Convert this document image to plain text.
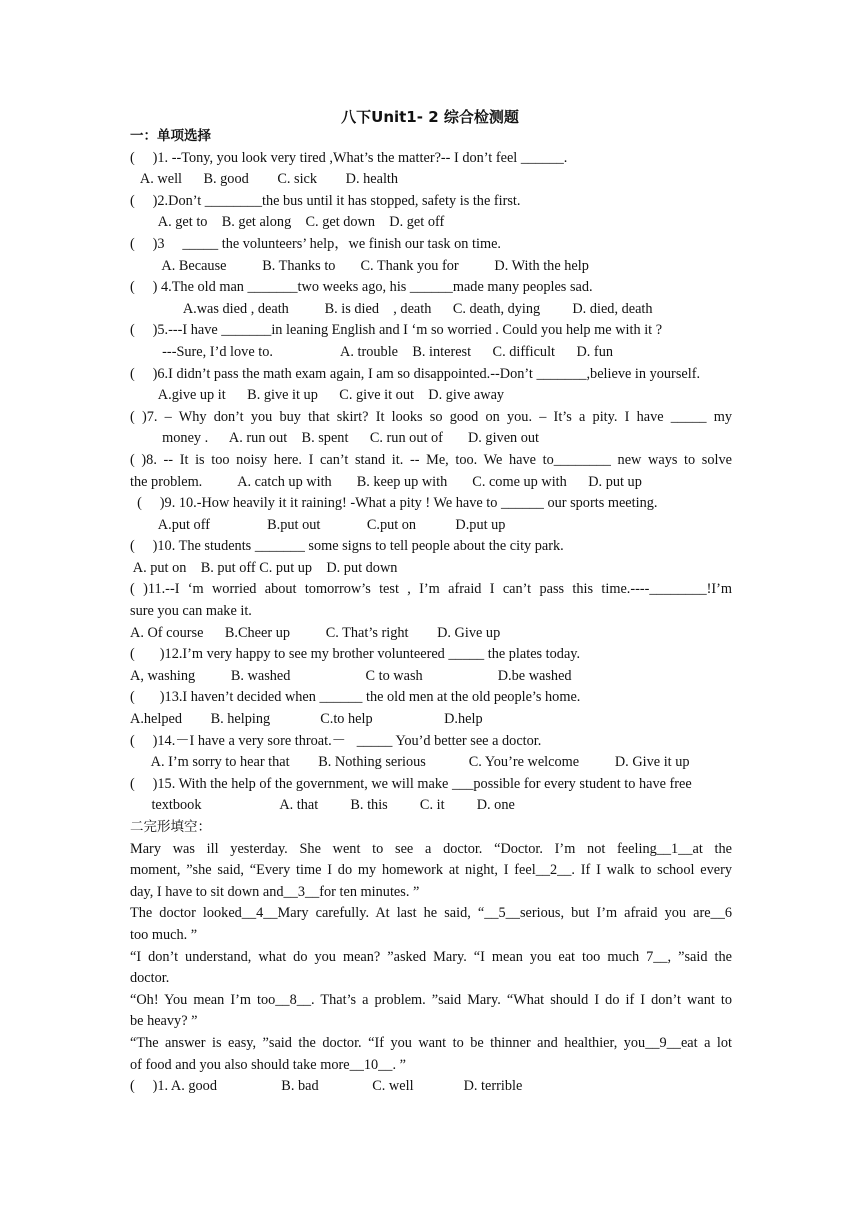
八下Unit1- 2 综合检测题
一：单项选择
(     )1. --Tony, you look very tired ,What’s the matter?-- I don’t feel ______.
A. well      B. good        C. sick        D. health
(     )2.Don’t ________the bus until it has stopped, safety is the first.
A. get to    B. get along    C. get down    D. get off
(     )3     _____ the volunteers’ help，we finish our task on time.
A. Because          B. Thanks to       C. Thank you for          D. With the help
(     ) 4.The old man _______two weeks ago, his ______made many peoples sad.
A.was died , death          B. is died    , death      C. death, dying         D. died, death
(     )5.---I have _______in leaning English and I ‘m so worried . Could you help me with it ?
---Sure, I’d love to.                   A. trouble    B. interest      C. difficult      D. fun
(     )6.I didn’t pass the math exam again, I am so disappointed.--Don’t _______,believe in yourself.
A.give up it      B. give it up      C. give it out    D. give away
( )7. – Why don’t you buy that skirt? It looks so good on you. – It’s a pity. I have _____ my
money .      A. run out    B. spent      C. run out of       D. given out
( )8. -- It is too noisy here. I can’t stand it. -- Me, too. We have to________ new ways to solve
the problem.          A. catch up with       B. keep up with       C. come up with      D. put up
(     )9. 10.-How heavily it it raining! -What a pity ! We have to ______ our sports meeting.
A.put off                B.put out             C.put on           D.put up
(     )10. The students _______ some signs to tell people about the city park.
A. put on    B. put off C. put up    D. put down
( )11.--I ‘m worried about tomorrow’s test , I’m afraid I can’t pass this time.----________!I’m
sure you can make it.
A. Of course      B.Cheer up          C. That’s right        D. Give up
(       )12.I’m very happy to see my brother volunteered _____ the plates today.
A, washing          B. washed                     C to wash                     D.be washed
(       )13.I haven’t decided when ______ the old men at the old people’s home.
A.helped        B. helping              C.to help                    D.help
(     )14.－I have a very sore throat.－   _____ You’d better see a doctor.
A. I’m sorry to hear that        B. Nothing serious            C. You’re welcome          D. Give it up
(     )15. With the help of the government, we will make ___possible for every student to have free
textbook                      A. that         B. this         C. it         D. one
二完形填空：
Mary was ill yesterday. She went to see a doctor. “Doctor. I’m not feeling__1__at the
moment, ”she said, “Every time I do my homework at night, I feel__2__. If I walk to school every
day, I have to sit down and__3__for ten minutes. ”
The doctor looked__4__Mary carefully. At last he said, “__5__serious, but I’m afraid you are__6
too much. ”
“I don’t understand, what do you mean? ”asked Mary. “I mean you eat too much 7__, ”said the
doctor.
“Oh! You mean I’m too__8__. That’s a problem. ”said Mary. “What should I do if I don’t want to
be heavy? ”
“The answer is easy, ”said the doctor. “If you want to be thinner and healthier, you__9__eat a lot
of food and you also should take more__10__. ”
(     )1. A. good                  B. bad               C. well              D. terrible
